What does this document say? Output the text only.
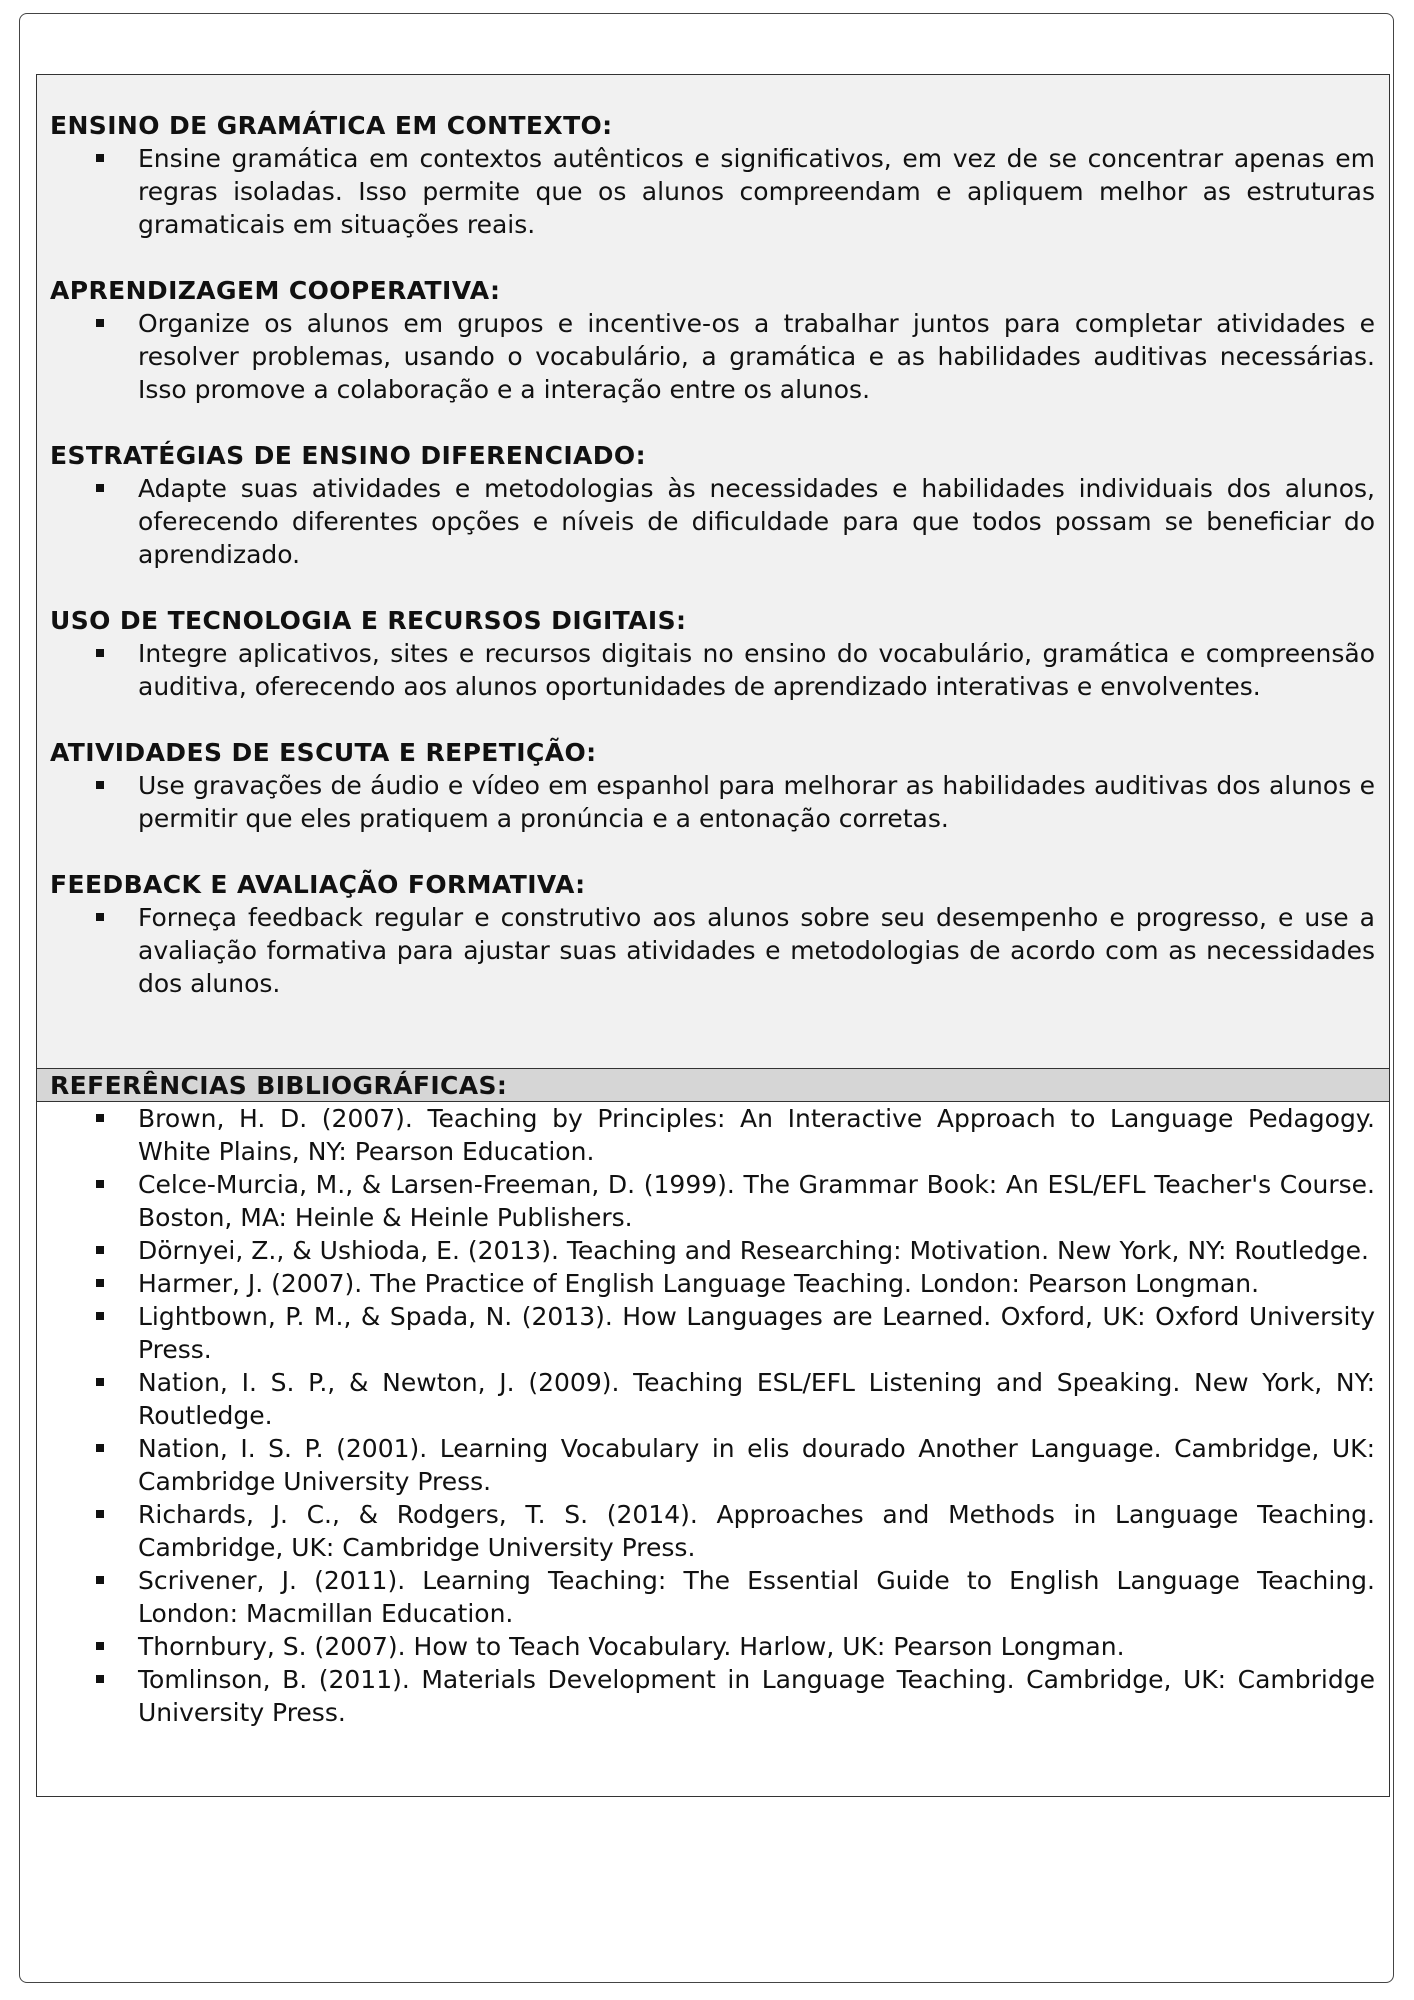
ENSINO DE GRAMÁTICA EM CONTEXTO:
Ensine gramática em contextos autênticos e significativos, em vez de se concentrar apenas em regras isoladas. Isso permite que os alunos compreendam e apliquem melhor as estruturas gramaticais em situações reais.
APRENDIZAGEM COOPERATIVA:
Organize os alunos em grupos e incentive-os a trabalhar juntos para completar atividades e resolver problemas, usando o vocabulário, a gramática e as habilidades auditivas necessárias. Isso promove a colaboração e a interação entre os alunos.
ESTRATÉGIAS DE ENSINO DIFERENCIADO:
Adapte suas atividades e metodologias às necessidades e habilidades individuais dos alunos, oferecendo diferentes opções e níveis de dificuldade para que todos possam se beneficiar do aprendizado.
USO DE TECNOLOGIA E RECURSOS DIGITAIS:
Integre aplicativos, sites e recursos digitais no ensino do vocabulário, gramática e compreensão auditiva, oferecendo aos alunos oportunidades de aprendizado interativas e envolventes.
ATIVIDADES DE ESCUTA E REPETIÇÃO:
Use gravações de áudio e vídeo em espanhol para melhorar as habilidades auditivas dos alunos e permitir que eles pratiquem a pronúncia e a entonação corretas.
FEEDBACK E AVALIAÇÃO FORMATIVA:
Forneça feedback regular e construtivo aos alunos sobre seu desempenho e progresso, e use a avaliação formativa para ajustar suas atividades e metodologias de acordo com as necessidades dos alunos.
REFERÊNCIAS BIBLIOGRÁFICAS:
Brown, H. D. (2007). Teaching by Principles: An Interactive Approach to Language Pedagogy. White Plains, NY: Pearson Education.
Celce-Murcia, M., & Larsen-Freeman, D. (1999). The Grammar Book: An ESL/EFL Teacher's Course. Boston, MA: Heinle & Heinle Publishers.
Dörnyei, Z., & Ushioda, E. (2013). Teaching and Researching: Motivation. New York, NY: Routledge.
Harmer, J. (2007). The Practice of English Language Teaching. London: Pearson Longman.
Lightbown, P. M., & Spada, N. (2013). How Languages are Learned. Oxford, UK: Oxford University Press.
Nation, I. S. P., & Newton, J. (2009). Teaching ESL/EFL Listening and Speaking. New York, NY: Routledge.
Nation, I. S. P. (2001). Learning Vocabulary in elis dourado Another Language. Cambridge, UK: Cambridge University Press.
Richards, J. C., & Rodgers, T. S. (2014). Approaches and Methods in Language Teaching. Cambridge, UK: Cambridge University Press.
Scrivener, J. (2011). Learning Teaching: The Essential Guide to English Language Teaching. London: Macmillan Education.
Thornbury, S. (2007). How to Teach Vocabulary. Harlow, UK: Pearson Longman.
Tomlinson, B. (2011). Materials Development in Language Teaching. Cambridge, UK: Cambridge University Press.
